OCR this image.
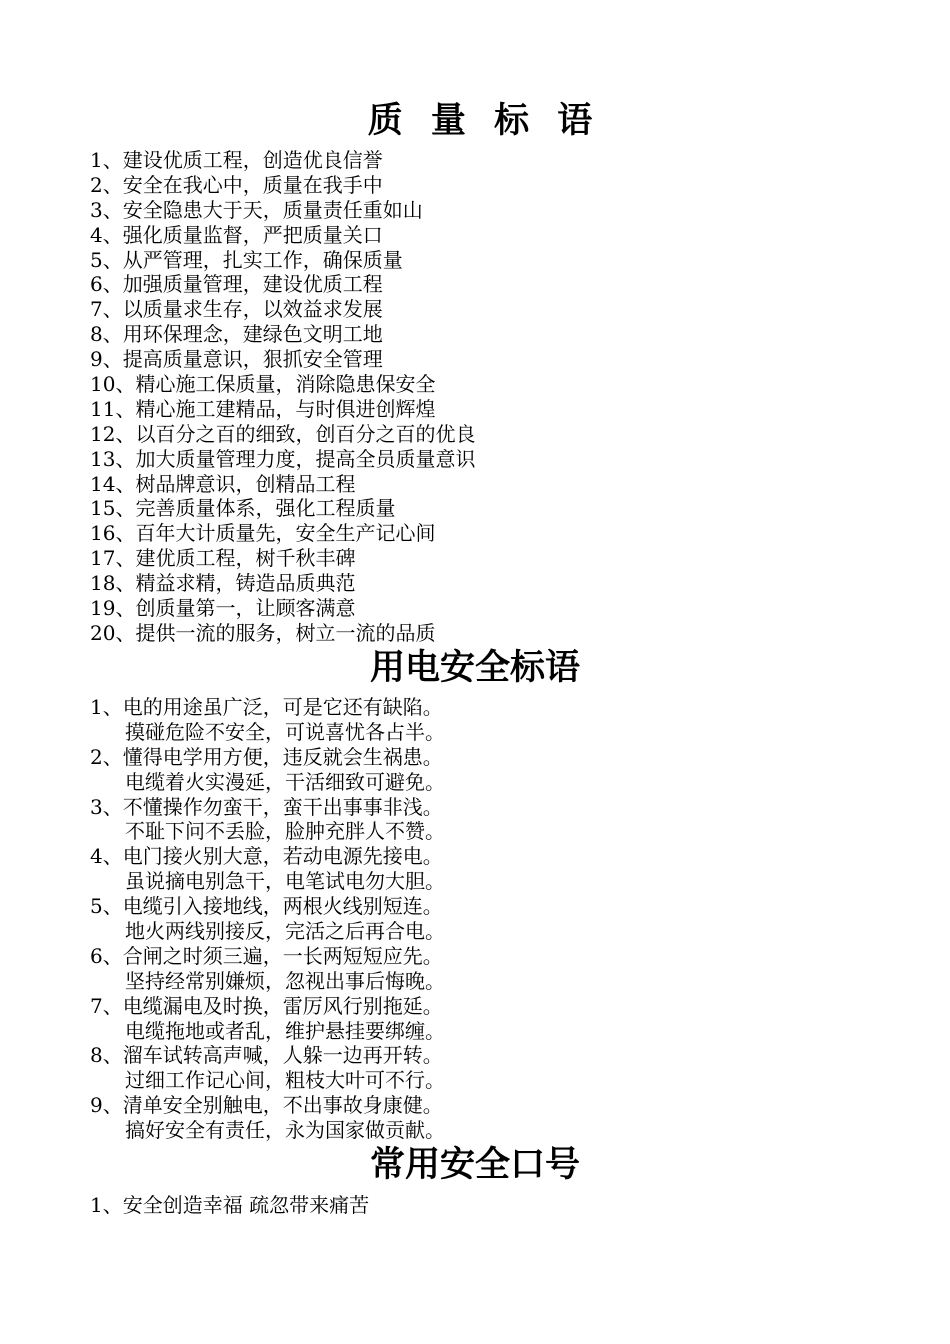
质 量 标 语
1、建设优质工程，创造优良信誉
2、安全在我心中，质量在我手中
3、安全隐患大于天，质量责任重如山
4、强化质量监督，严把质量关口
5、从严管理，扎实工作，确保质量
6、加强质量管理，建设优质工程
7、以质量求生存，以效益求发展
8、用环保理念，建绿色文明工地
9、提高质量意识，狠抓安全管理
10、精心施工保质量，消除隐患保安全
11、精心施工建精品，与时俱进创辉煌
12、以百分之百的细致，创百分之百的优良
13、加大质量管理力度，提高全员质量意识
14、树品牌意识，创精品工程
15、完善质量体系，强化工程质量
16、百年大计质量先，安全生产记心间
17、建优质工程，树千秋丰碑
18、精益求精，铸造品质典范
19、创质量第一，让顾客满意
20、提供一流的服务，树立一流的品质
用电安全标语
1、电的用途虽广泛，可是它还有缺陷。
摸碰危险不安全，可说喜忧各占半。
2、懂得电学用方便，违反就会生祸患。
电缆着火实漫延，干活细致可避免。
3、不懂操作勿蛮干，蛮干出事事非浅。
不耻下问不丢脸，脸肿充胖人不赞。
4、电门接火别大意，若动电源先接电。
虽说摘电别急干，电笔试电勿大胆。
5、电缆引入接地线，两根火线别短连。
地火两线别接反，完活之后再合电。
6、合闸之时须三遍，一长两短短应先。
坚持经常别嫌烦，忽视出事后悔晚。
7、电缆漏电及时换，雷厉风行别拖延。
电缆拖地或者乱，维护悬挂要绑缠。
8、溜车试转高声喊，人躲一边再开转。
过细工作记心间，粗枝大叶可不行。
9、清单安全别触电，不出事故身康健。
搞好安全有责任，永为国家做贡献。
常用安全口号
1、安全创造幸福 疏忽带来痛苦
